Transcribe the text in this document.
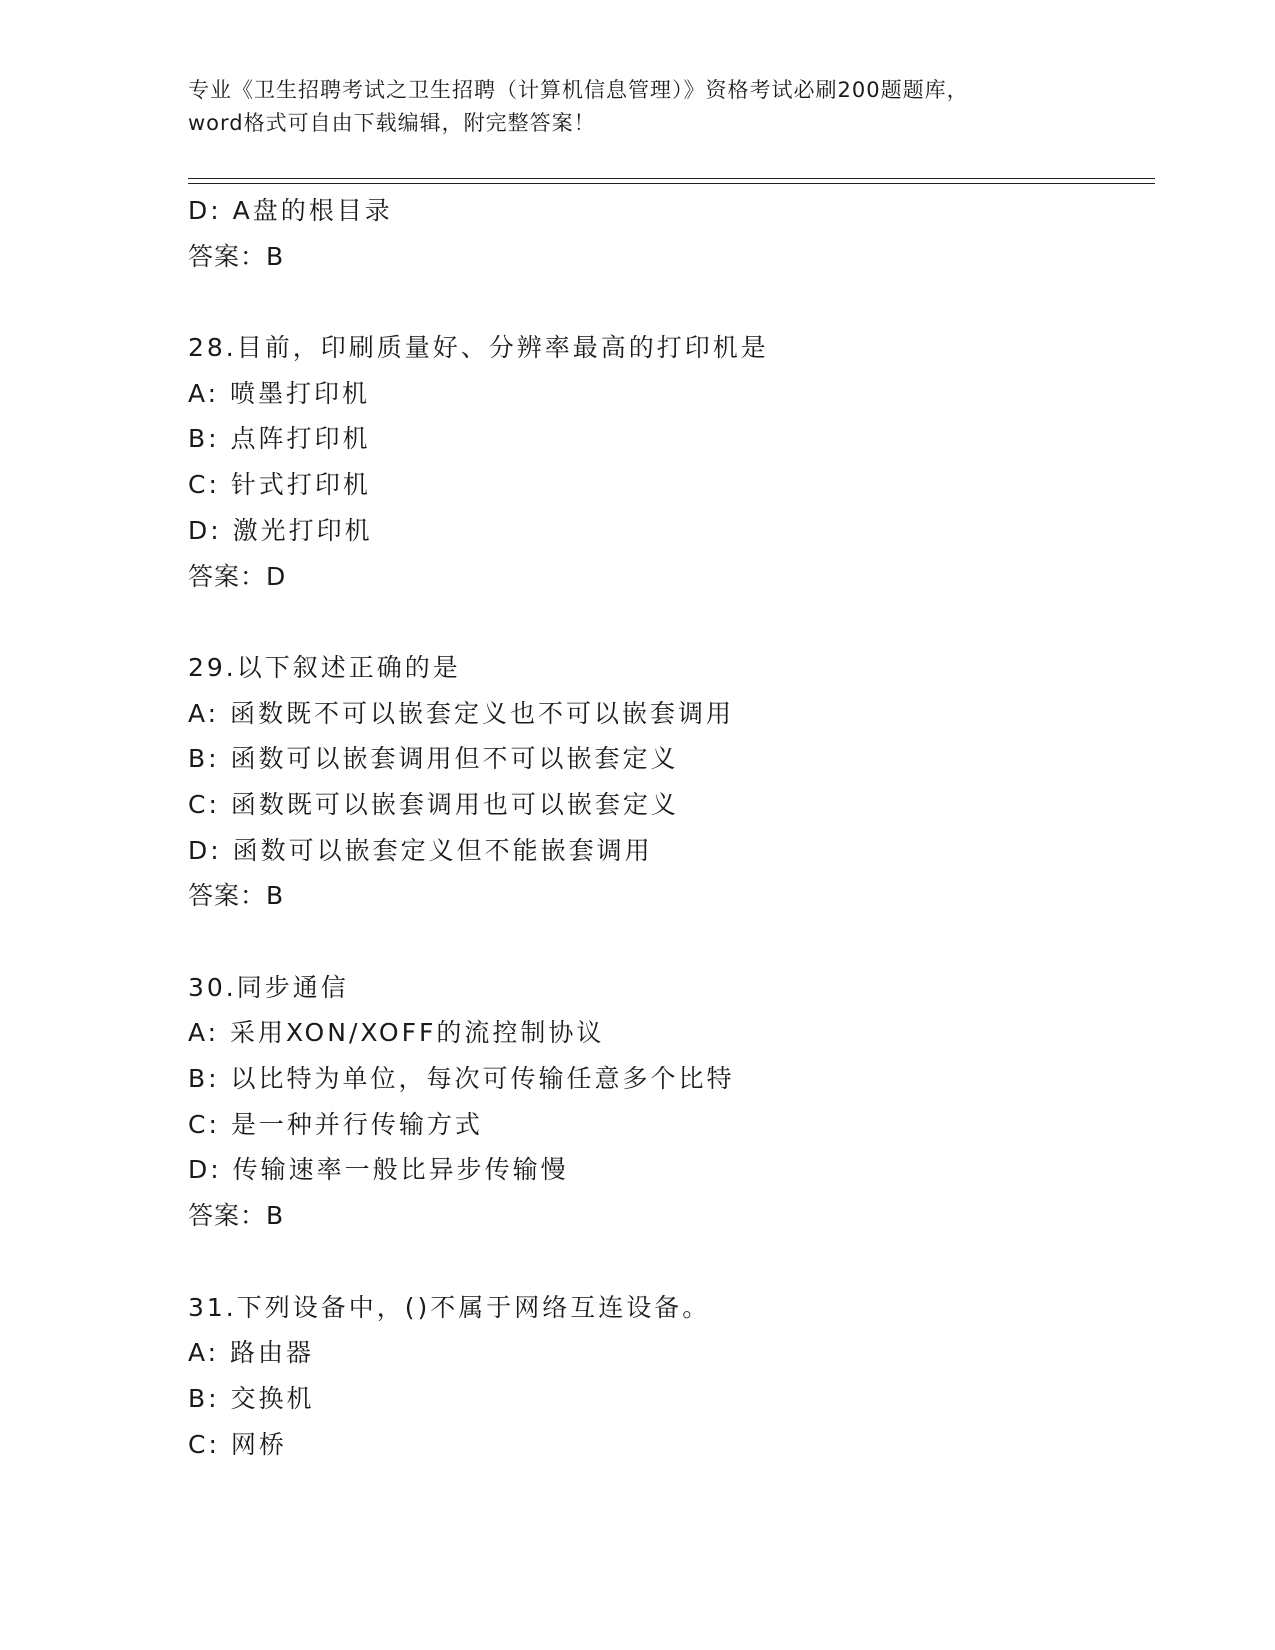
专业《卫生招聘考试之卫生招聘（计算机信息管理）》资格考试必刷200题题库，
word格式可自由下载编辑，附完整答案！
D: A盘的根目录
答案：B
28.目前，印刷质量好、分辨率最高的打印机是
A: 喷墨打印机
B: 点阵打印机
C: 针式打印机
D: 激光打印机
答案：D
29.以下叙述正确的是
A: 函数既不可以嵌套定义也不可以嵌套调用
B: 函数可以嵌套调用但不可以嵌套定义
C: 函数既可以嵌套调用也可以嵌套定义
D: 函数可以嵌套定义但不能嵌套调用
答案：B
30.同步通信
A: 采用XON/XOFF的流控制协议
B: 以比特为单位，每次可传输任意多个比特
C: 是一种并行传输方式
D: 传输速率一般比异步传输慢
答案：B
31.下列设备中，()不属于网络互连设备。
A: 路由器
B: 交换机
C: 网桥
